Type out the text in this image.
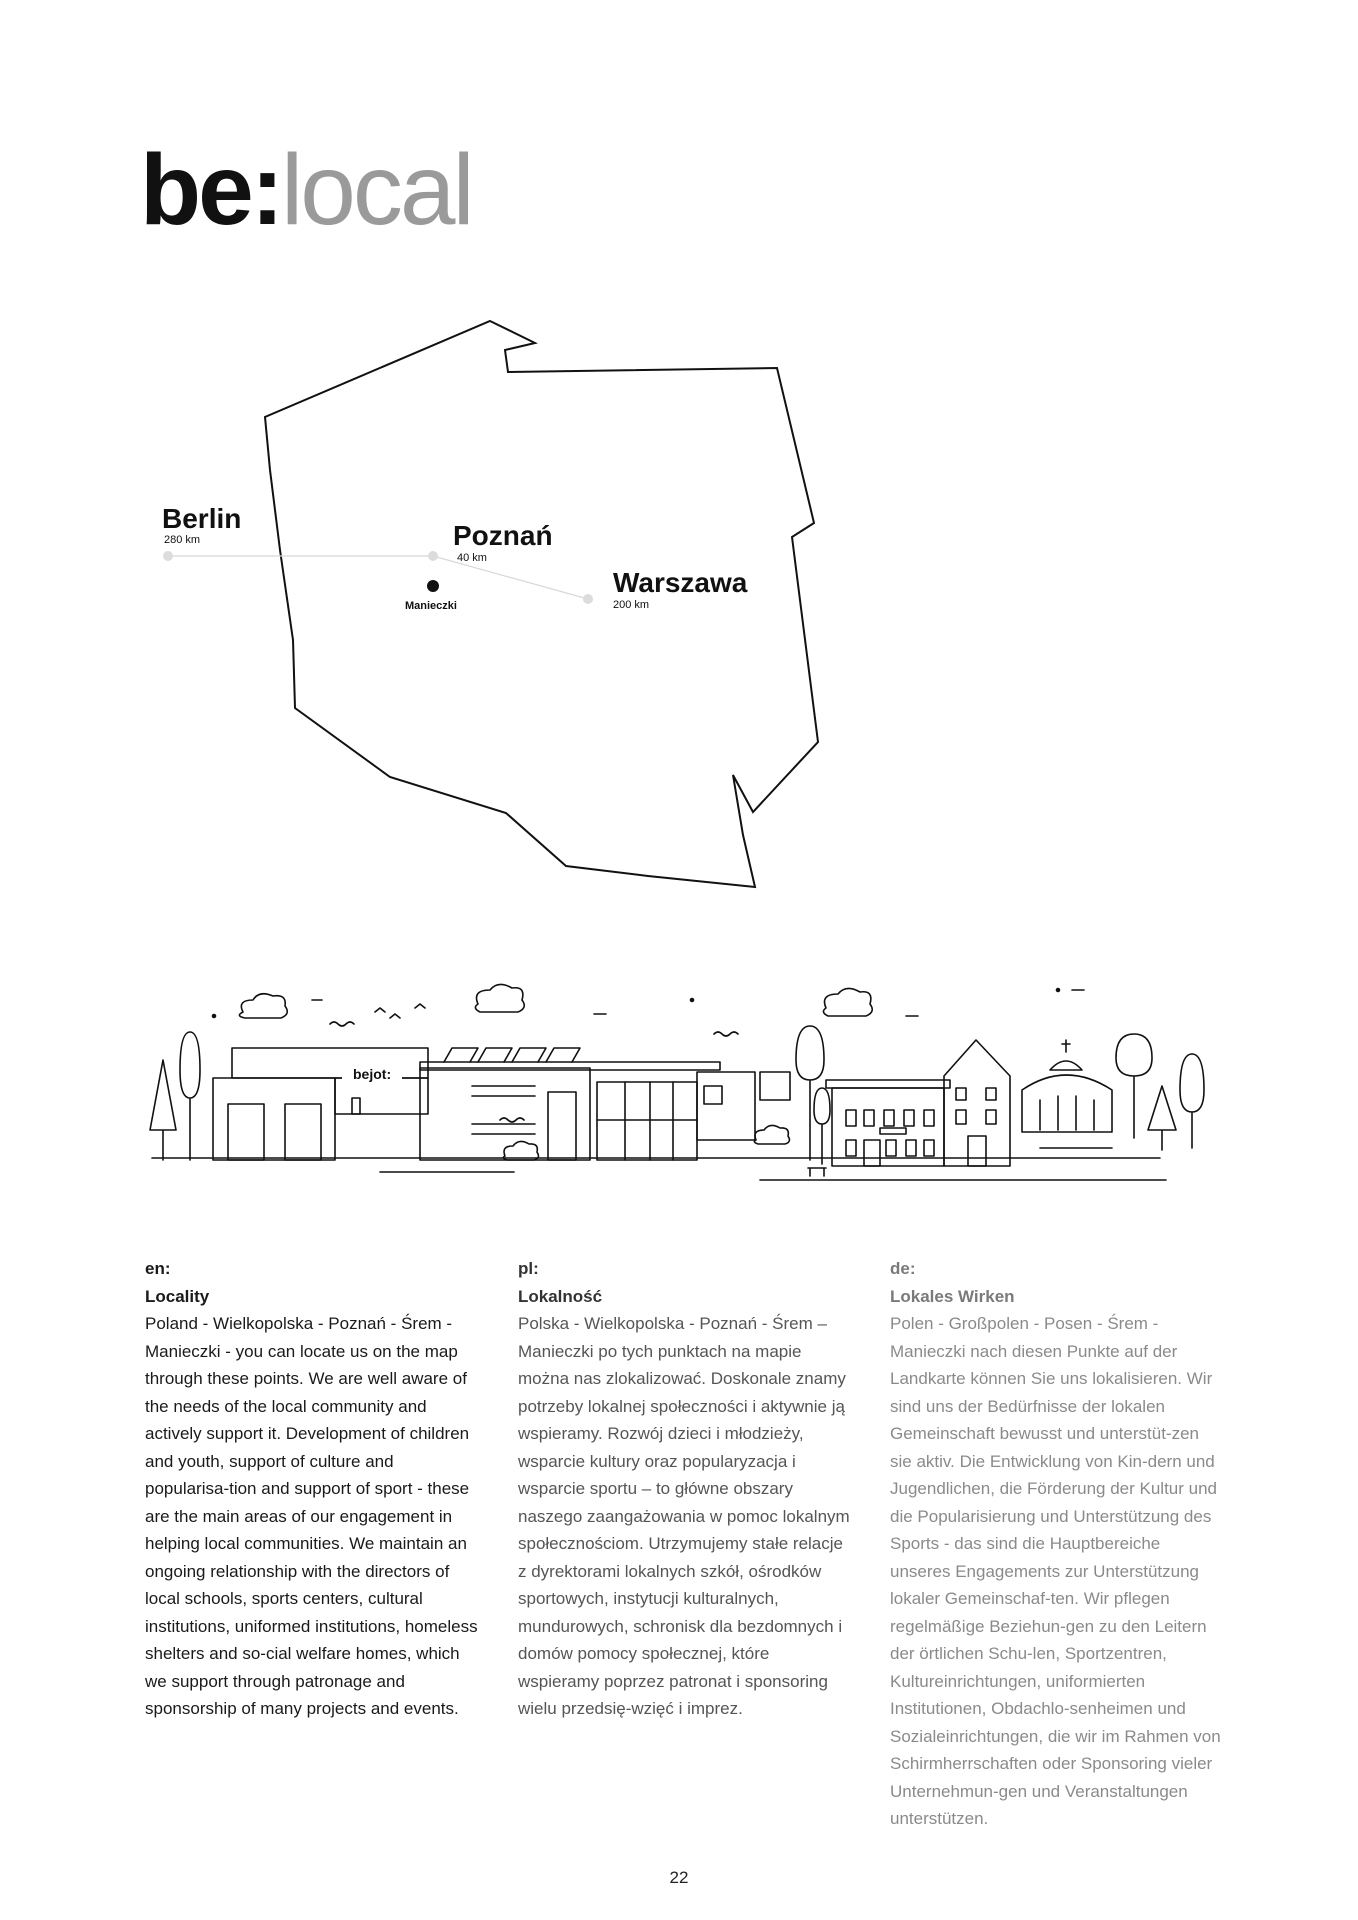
be:local
Berlin
280 km	Poznań
40 km
Warszawa
200 km
Manieczki
bejot:
en:
Locality
Poland - Wielkopolska - Poznań - Śrem - Manieczki - you can locate us on the map through these points. We are well aware of the needs of the local community and actively support it. Development of children and youth, support of culture and popularisa-tion and support of sport - these are the main areas of our engagement in helping local communities. We maintain an ongoing relationship with the directors of local schools, sports centers, cultural institutions, uniformed institutions, homeless shelters and so-cial welfare homes, which we support through patronage and sponsorship of many projects and events.
pl:
Lokalność
Polska - Wielkopolska - Poznań - Śrem – Manieczki po tych punktach na mapie można nas zlokalizować. Doskonale znamy potrzeby lokalnej społeczności i aktywnie ją wspieramy. Rozwój dzieci i młodzieży, wsparcie kultury oraz popularyzacja i wsparcie sportu – to główne obszary naszego zaangażowania w pomoc lokalnym społecznościom. Utrzymujemy stałe relacje z dyrektorami lokalnych szkół, ośrodków sportowych, instytucji kulturalnych, mundurowych, schronisk dla bezdomnych i domów pomocy społecznej, które wspieramy poprzez patronat i sponsoring wielu przedsię-wzięć i imprez.
de:
Lokales Wirken
Polen - Großpolen - Posen - Śrem - Manieczki nach diesen Punkte auf der Landkarte können Sie uns lokalisieren. Wir sind uns der Bedürfnisse der lokalen Gemeinschaft bewusst und unterstüt-zen sie aktiv. Die Entwicklung von Kin-dern und Jugendlichen, die Förderung der Kultur und die Popularisierung und Unterstützung des Sports - das sind die Hauptbereiche unseres Engagements zur Unterstützung lokaler Gemeinschaf-ten. Wir pflegen regelmäßige Beziehun-gen zu den Leitern der örtlichen Schu-len, Sportzentren, Kultureinrichtungen, uniformierten Institutionen, Obdachlo-senheimen und Sozialeinrichtungen, die wir im Rahmen von Schirmherrschaften oder Sponsoring vieler Unternehmun-gen und Veranstaltungen unterstützen.
22
